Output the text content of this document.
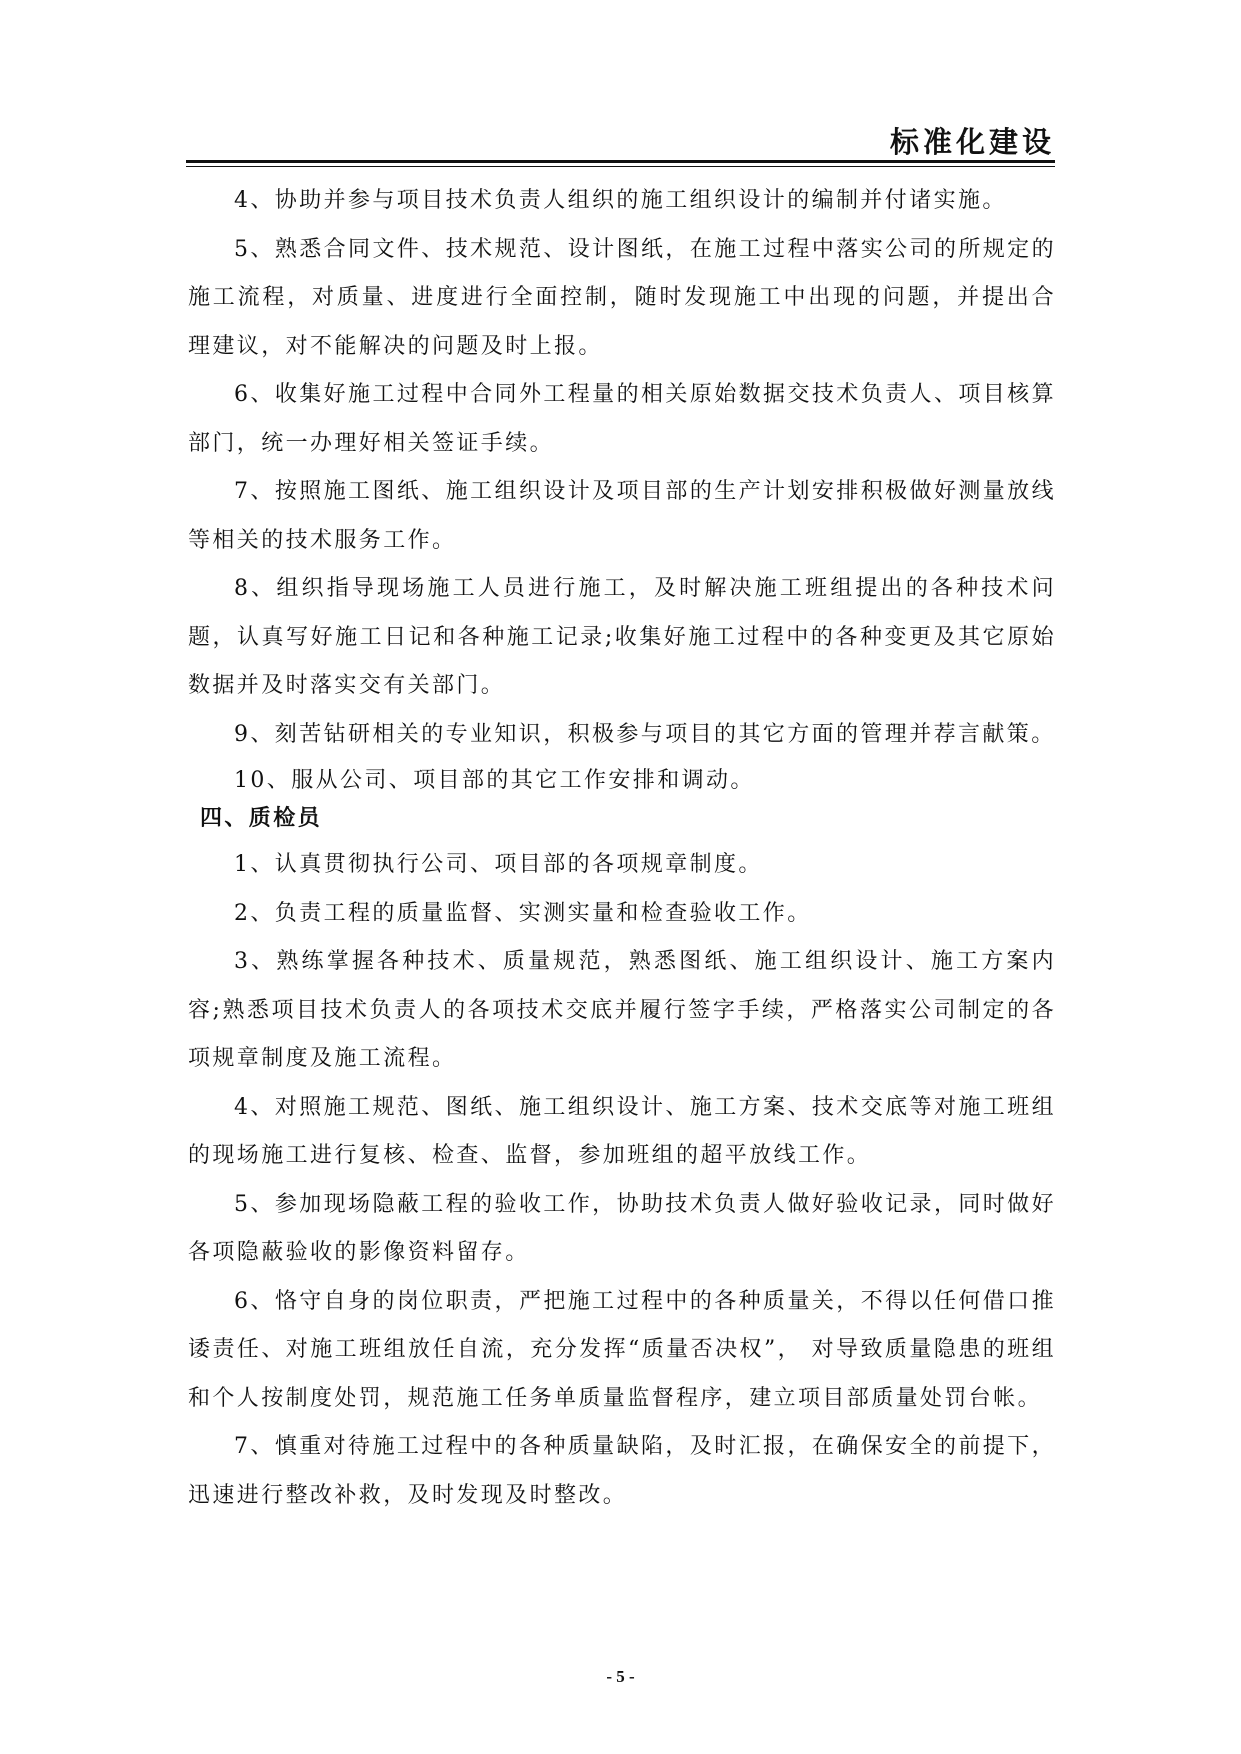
标准化建设

4、协助并参与项目技术负责人组织的施工组织设计的编制并付诸实施。

5、熟悉合同文件、技术规范、设计图纸，在施工过程中落实公司的所规定的施工流程，对质量、进度进行全面控制，随时发现施工中出现的问题，并提出合理建议，对不能解决的问题及时上报。

6、收集好施工过程中合同外工程量的相关原始数据交技术负责人、项目核算部门，统一办理好相关签证手续。

7、按照施工图纸、施工组织设计及项目部的生产计划安排积极做好测量放线等相关的技术服务工作。

8、组织指导现场施工人员进行施工，及时解决施工班组提出的各种技术问题，认真写好施工日记和各种施工记录;收集好施工过程中的各种变更及其它原始数据并及时落实交有关部门。

9、刻苦钻研相关的专业知识，积极参与项目的其它方面的管理并荐言献策。

10、服从公司、项目部的其它工作安排和调动。

四、质检员

1、认真贯彻执行公司、项目部的各项规章制度。

2、负责工程的质量监督、实测实量和检查验收工作。

3、熟练掌握各种技术、质量规范，熟悉图纸、施工组织设计、施工方案内容;熟悉项目技术负责人的各项技术交底并履行签字手续，严格落实公司制定的各项规章制度及施工流程。

4、对照施工规范、图纸、施工组织设计、施工方案、技术交底等对施工班组的现场施工进行复核、检查、监督，参加班组的超平放线工作。

5、参加现场隐蔽工程的验收工作，协助技术负责人做好验收记录，同时做好各项隐蔽验收的影像资料留存。

6、恪守自身的岗位职责，严把施工过程中的各种质量关，不得以任何借口推诿责任、对施工班组放任自流，充分发挥“质量否决权”， 对导致质量隐患的班组和个人按制度处罚，规范施工任务单质量监督程序，建立项目部质量处罚台帐。

7、慎重对待施工过程中的各种质量缺陷，及时汇报，在确保安全的前提下，迅速进行整改补救，及时发现及时整改。

- 5 -
